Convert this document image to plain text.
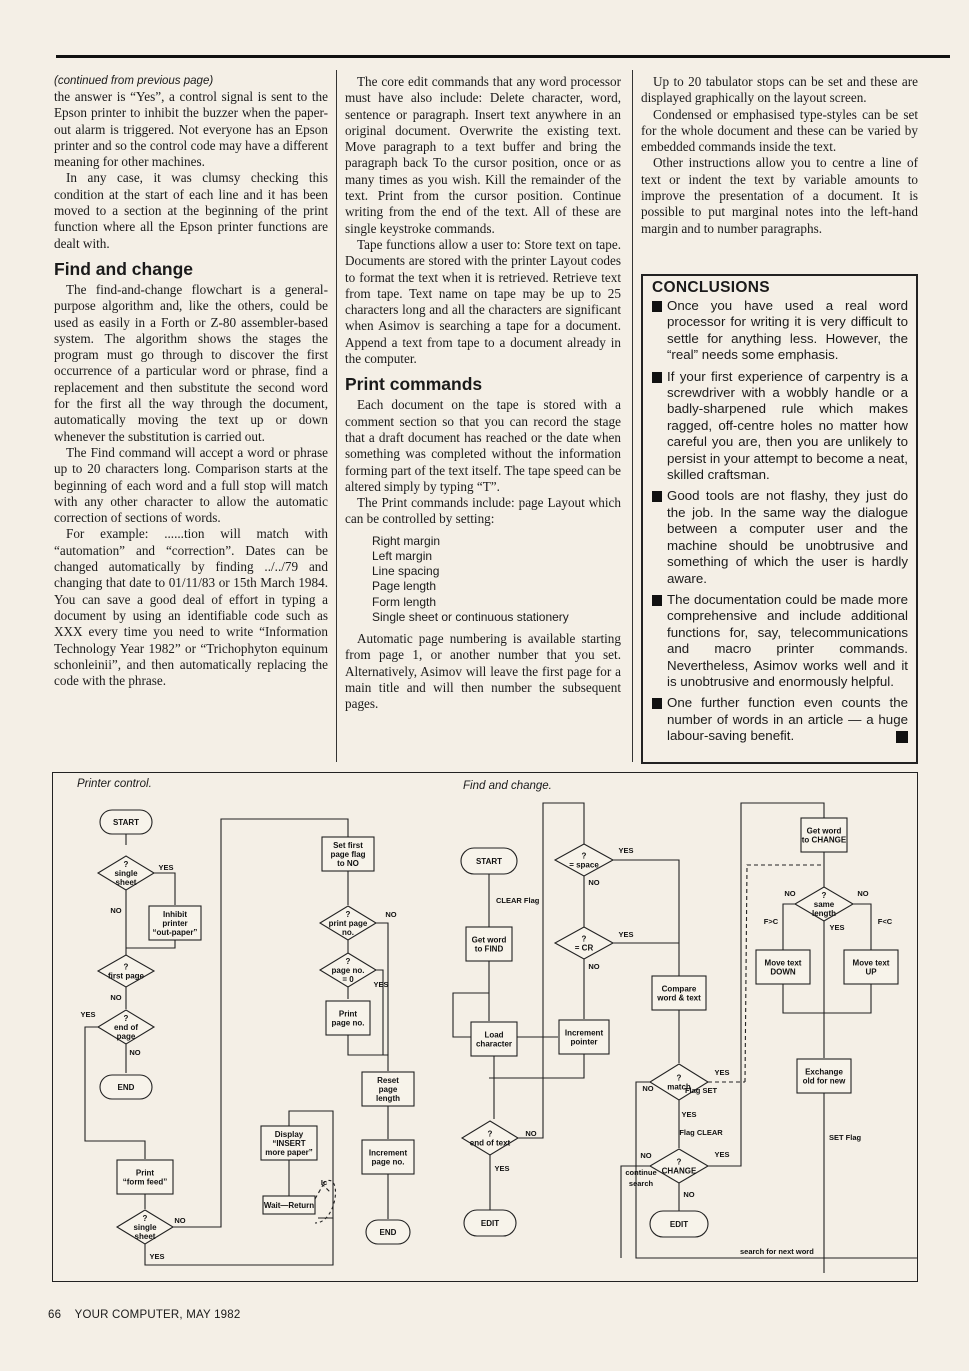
(continued from previous page)

the answer is “Yes”, a control signal is sent to the Epson printer to inhibit the buzzer when the paper-out alarm is triggered. Not everyone has an Epson printer and so the control code may have a different meaning for other machines.

In any case, it was clumsy checking this condition at the start of each line and it has been moved to a section at the beginning of the print function where all the Epson printer functions are dealt with.

Find and change

The find-and-change flowchart is a general-purpose algorithm and, like the others, could be used as easily in a Forth or Z-80 assembler-based system. The algorithm shows the stages the program must go through to discover the first occurrence of a particular word or phrase, find a replacement and then substitute the second word for the first all the way through the document, automatically moving the text up or down whenever the substitution is carried out.

The Find command will accept a word or phrase up to 20 characters long. Comparison starts at the beginning of each word and a full stop will match with any other character to allow the automatic correction of sections of words.

For example: ......tion will match with “automation” and “correction”. Dates can be changed automatically by finding ../../79 and changing that date to 01/11/83 or 15th March 1984. You can save a good deal of effort in typing a document by using an identifiable code such as XXX every time you need to write “Information Technology Year 1982” or “Trichophyton equinum schonleinii”, and then automatically replacing the code with the phrase.

The core edit commands that any word processor must have also include: Delete character, word, sentence or paragraph. Insert text anywhere in an original document. Overwrite the existing text. Move paragraph to a text buffer and bring the paragraph back To the cursor position, once or as many times as you wish. Kill the remainder of the text. Print from the cursor position. Continue writing from the end of the text. All of these are single keystroke commands.

Tape functions allow a user to: Store text on tape. Documents are stored with the printer Layout codes to format the text when it is retrieved. Retrieve text from tape. Text name on tape may be up to 25 characters long and all the characters are significant when Asimov is searching a tape for a document. Append a text from tape to a document already in the computer.

Print commands

Each document on the tape is stored with a comment section so that you can record the stage that a draft document has reached or the date when something was completed without the information forming part of the text itself. The tape speed can be altered simply by typing “T”.

The Print commands include: page Layout which can be controlled by setting:

Right margin
Left margin
Line spacing
Page length
Form length
Single sheet or continuous stationery

Automatic page numbering is available starting from page 1, or another number that you set. Alternatively, Asimov will leave the first page for a main title and will then number the subsequent pages.

Up to 20 tabulator stops can be set and these are displayed graphically on the layout screen.

Condensed or emphasised type-styles can be set for the whole document and these can be varied by embedded commands inside the text.

Other instructions allow you to centre a line of text or indent the text by variable amounts to improve the presentation of a document. It is possible to put marginal notes into the left-hand margin and to number paragraphs.

CONCLUSIONS
Once you have used a real word processor for writing it is very difficult to settle for anything less. However, the “real” needs some emphasis.
If your first experience of carpentry is a screwdriver with a wobbly handle or a badly-sharpened rule which makes ragged, off-centre holes no matter how careful you are, then you are unlikely to persist in your attempt to become a neat, skilled craftsman.
Good tools are not flashy, they just do the job. In the same way the dialogue between a computer user and the machine should be unobtrusive and something of which the user is hardly aware.
The documentation could be made more comprehensive and include additional functions for, say, telecommunications and macro printer commands. Nevertheless, Asimov works well and it is unobtrusive and enormously helpful.
One further function even counts the number of words in an article — a huge labour-saving benefit.
Printer control.	Find and change.
START
? single sheet
YES
Inhibit printer “out-paper”
NO
? first page
NO
? end of page
NO
END
YES
Print “form feed”
? single sheet
YES
NO
Set first page flag to NO
? print page no.
NO
? page no. = 0
YES
Print page no.
Reset page length
Increment page no.
END
Display “INSERT more paper”
Wait—Return
Ic
START
CLEAR Flag
Get word to FIND
Load character
? end of text
YES
EDIT
NO
? = space
YES
NO
? = CR
YES
NO
Increment pointer
Compare word & text
? match
YES
NO	Flag SET
YES
Flag CLEAR
? CHANGE
YES
NO
continue
search
NO
EDIT
Get word to CHANGE
? same length
NO	NO
YES
F>C	F<C
Move text DOWN
Move text UP
Exchange old for new
SET Flag
search for next word
66 YOUR COMPUTER, MAY 1982
